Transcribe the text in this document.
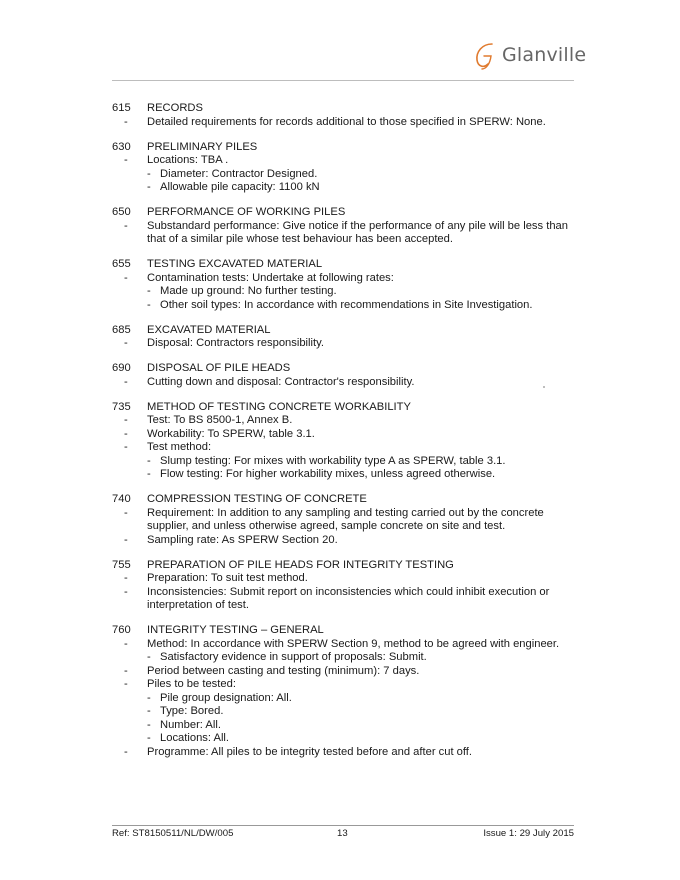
Glanville
615	RECORDS
-	Detailed requirements for records additional to those specified in SPERW: None.
630	PRELIMINARY PILES
-	Locations: TBA .
- Diameter: Contractor Designed.
- Allowable pile capacity: 1100 kN
650	PERFORMANCE OF WORKING PILES
-	Substandard performance: Give notice if the performance of any pile will be less than that of a similar pile whose test behaviour has been accepted.
655	TESTING EXCAVATED MATERIAL
-	Contamination tests: Undertake at following rates:
- Made up ground: No further testing.
- Other soil types: In accordance with recommendations in Site Investigation.
685	EXCAVATED MATERIAL
-	Disposal: Contractors responsibility.
690	DISPOSAL OF PILE HEADS
-	Cutting down and disposal: Contractor's responsibility.
735	METHOD OF TESTING CONCRETE WORKABILITY
-	Test: To BS 8500-1, Annex B.
-	Workability: To SPERW, table 3.1.
-	Test method:
- Slump testing: For mixes with workability type A as SPERW, table 3.1.
- Flow testing: For higher workability mixes, unless agreed otherwise.
740	COMPRESSION TESTING OF CONCRETE
-	Requirement: In addition to any sampling and testing carried out by the concrete supplier, and unless otherwise agreed, sample concrete on site and test.
-	Sampling rate: As SPERW Section 20.
755	PREPARATION OF PILE HEADS FOR INTEGRITY TESTING
-	Preparation: To suit test method.
-	Inconsistencies: Submit report on inconsistencies which could inhibit execution or interpretation of test.
760	INTEGRITY TESTING – GENERAL
-	Method: In accordance with SPERW Section 9, method to be agreed with engineer.
- Satisfactory evidence in support of proposals: Submit.
-	Period between casting and testing (minimum): 7 days.
-	Piles to be tested:
- Pile group designation: All.
- Type: Bored.
- Number: All.
- Locations: All.
-	Programme: All piles to be integrity tested before and after cut off.
Ref: ST8150511/NL/DW/005	13	Issue 1: 29 July 2015
